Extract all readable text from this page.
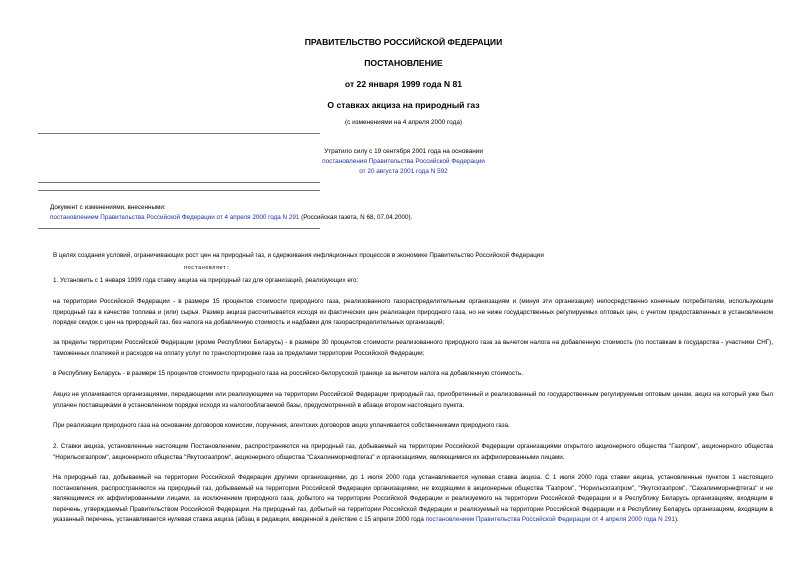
ПРАВИТЕЛЬСТВО РОССИЙСКОЙ ФЕДЕРАЦИИ
ПОСТАНОВЛЕНИЕ
от 22 января 1999 года N 81
О ставках акциза на природный газ
(с изменениями на 4 апреля 2000 года)
Утратило силу с 19 сентября 2001 года на основании
постановления Правительства Российской Федерации
от 20 августа 2001 года N 592
Документ с изменениями, внесенными:
постановлением Правительства Российской Федерации от 4 апреля 2000 года N 291 (Российская газета, N 68, 07.04.2000).
В целях создания условий, ограничивающих рост цен на природный газ, и сдерживания инфляционных процессов в экономике Правительство Российской Федерации
постановляет:
1. Установить с 1 января 1999 года ставку акциза на природный газ для организаций, реализующих его:
на территории Российской Федерации - в размере 15 процентов стоимости природного газа, реализованного газораспределительным организациям и (минуя эти организации) непосредственно конечным потребителям, использующим природный газ в качестве топлива и (или) сырья. Размер акциза рассчитывается исходя из фактических цен реализации природного газа, но не ниже государственных регулируемых оптовых цен, с учетом предоставленных в установленном порядке скидок с цен на природный газ, без налога на добавленную стоимость и надбавки для газораспределительных организаций;
за пределы территории Российской Федерации (кроме Республики Беларусь) - в размере 30 процентов стоимости реализованного природного газа за вычетом налога на добавленную стоимость (по поставкам в государства - участники СНГ), таможенных платежей и расходов на оплату услуг по транспортировке газа за пределами территории Российской Федерации;
в Республику Беларусь - в размере 15 процентов стоимости природного газа на российско-белорусской границе за вычетом налога на добавленную стоимость.
Акциз не уплачивается организациями, передающими или реализующими на территории Российской Федерации природный газ, приобретенный и реализованный по государственным регулируемым оптовым ценам, акциз на который уже был уплачен поставщиками в установленном порядке исходя из налогооблагаемой базы, предусмотренной в абзаце втором настоящего пункта.
При реализации природного газа на основании договоров комиссии, поручения, агентских договоров акциз уплачивается собственниками природного газа.
2. Ставки акциза, установленные настоящим Постановлением, распространяются на природный газ, добываемый на территории Российской Федерации организациями открытого акционерного общества "Газпром", акционерного общества "Норильскгазпром", акционерного общества "Якутскгазпром", акционерного общества "Сахалинморнефтегаз" и организациями, являющимися их аффилированными лицами.
На природный газ, добываемый на территории Российской Федерации другими организациями, до 1 июля 2000 года устанавливается нулевая ставка акциза. С 1 июля 2000 года ставки акциза, установленные пунктом 1 настоящего постановления, распространяются на природный газ, добываемый на территории Российской Федерации организациями, не входящими в акционерные общества "Газпром", "Норильскгазпром", "Якутскгазпром", "Сахалинморнефтегаз" и не являющимися их аффилированными лицами, за исключением природного газа, добытого на территории Российской Федерации и реализуемого на территории Российской Федерации и в Республику Беларусь организациям, входящим в перечень, утверждаемый Правительством Российской Федерации. На природный газ, добытый на территории Российской Федерации и реализуемый на территории Российской Федерации и в Республику Беларусь организациям, входящим в указанный перечень, устанавливается нулевая ставка акциза (абзац в редакции, введенной в действие с 15 апреля 2000 года постановлением Правительства Российской Федерации от 4 апреля 2000 года N 291).
